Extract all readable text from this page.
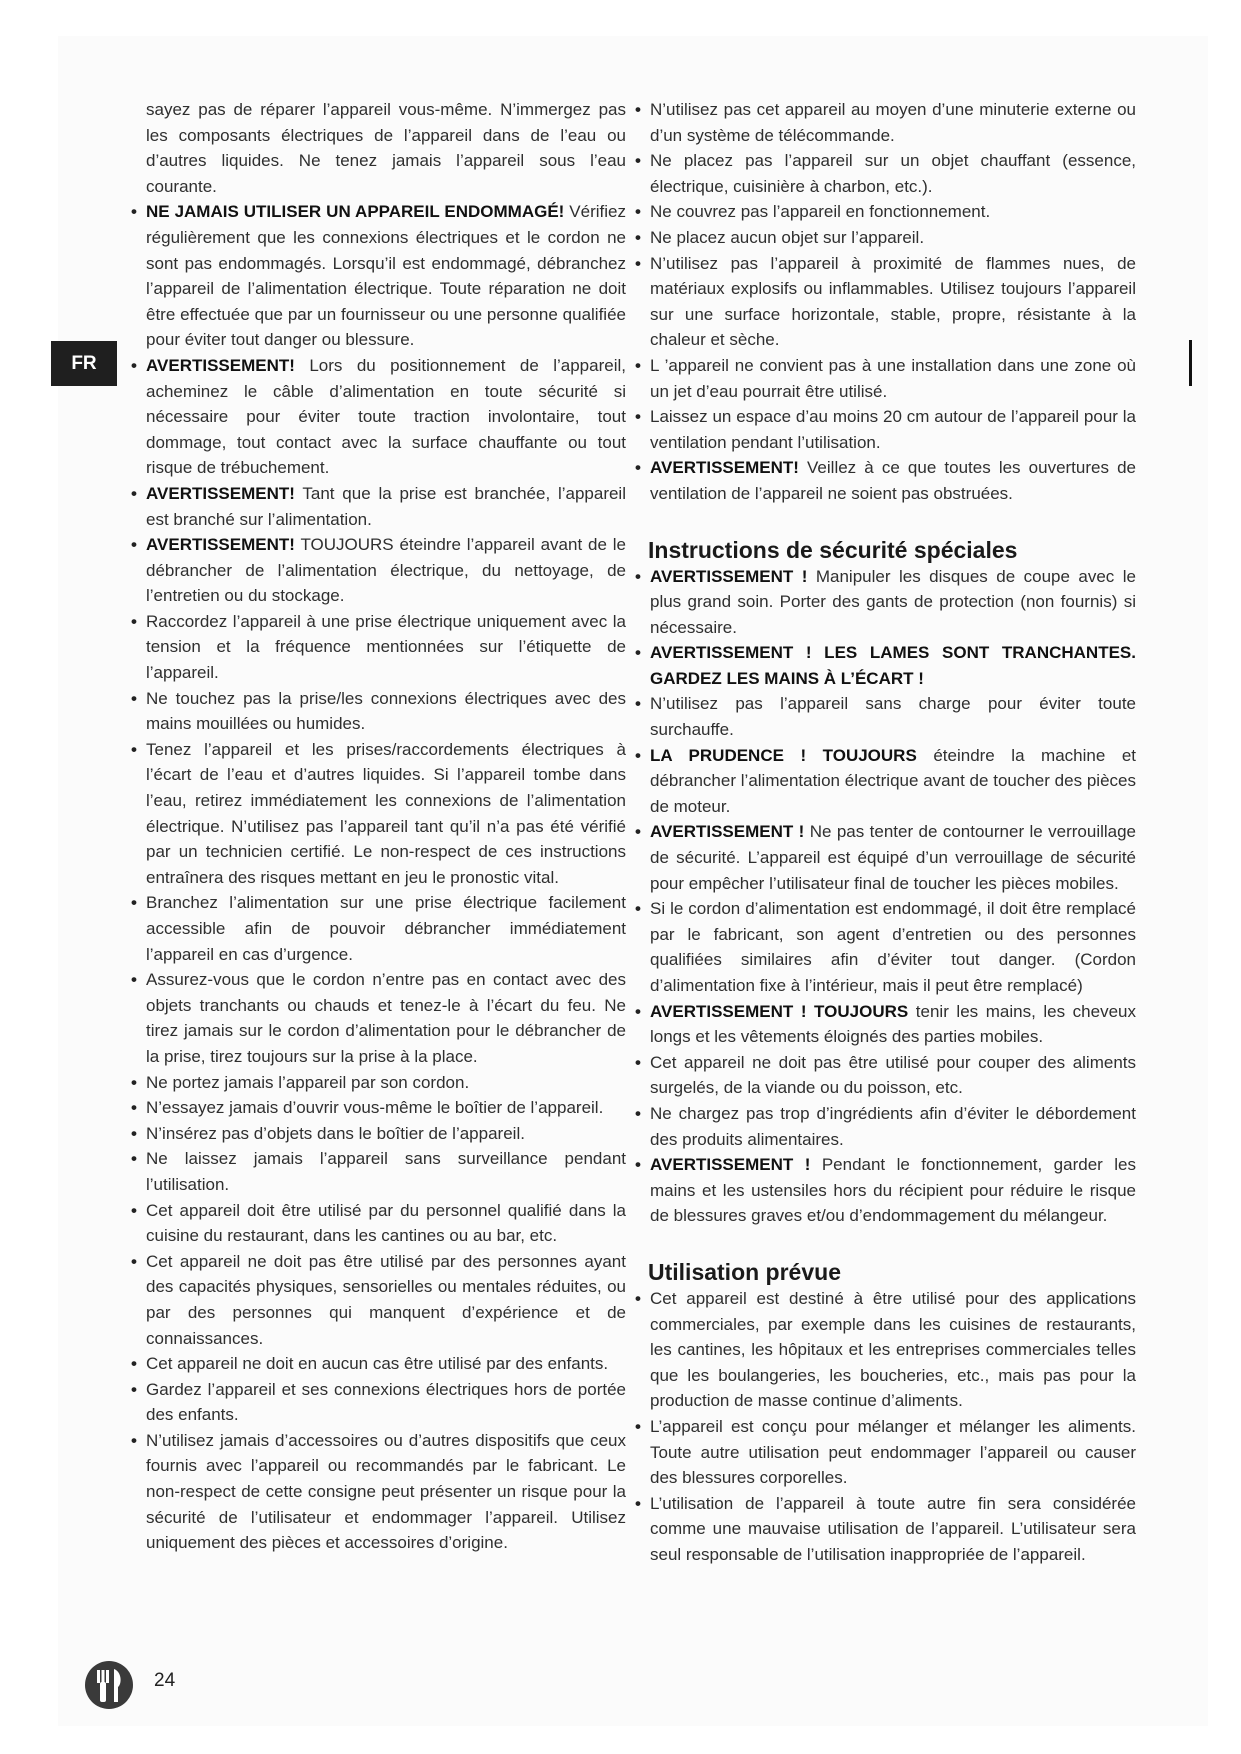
FR

sayez pas de réparer l’appareil vous-même. N’immergez pas les composants électriques de l’appareil dans de l’eau ou d’autres liquides. Ne tenez jamais l’appareil sous l’eau courante.

• NE JAMAIS UTILISER UN APPAREIL ENDOMMAGÉ! Vérifiez régulièrement que les connexions électriques et le cordon ne sont pas endommagés. Lorsqu’il est endommagé, débranchez l’appareil de l’alimentation électrique. Toute réparation ne doit être effectuée que par un fournisseur ou une personne qualifiée pour éviter tout danger ou blessure.
• AVERTISSEMENT! Lors du positionnement de l’appareil, acheminez le câble d’alimentation en toute sécurité si nécessaire pour éviter toute traction involontaire, tout dommage, tout contact avec la surface chauffante ou tout risque de trébuchement.
• AVERTISSEMENT! Tant que la prise est branchée, l’appareil est branché sur l’alimentation.
• AVERTISSEMENT! TOUJOURS éteindre l’appareil avant de le débrancher de l’alimentation électrique, du nettoyage, de l’entretien ou du stockage.
• Raccordez l’appareil à une prise électrique uniquement avec la tension et la fréquence mentionnées sur l’étiquette de l’appareil.
• Ne touchez pas la prise/les connexions électriques avec des mains mouillées ou humides.
• Tenez l’appareil et les prises/raccordements électriques à l’écart de l’eau et d’autres liquides. Si l’appareil tombe dans l’eau, retirez immédiatement les connexions de l’alimentation électrique. N’utilisez pas l’appareil tant qu’il n’a pas été vérifié par un technicien certifié. Le non-respect de ces instructions entraînera des risques mettant en jeu le pronostic vital.
• Branchez l’alimentation sur une prise électrique facilement accessible afin de pouvoir débrancher immédiatement l’appareil en cas d’urgence.
• Assurez-vous que le cordon n’entre pas en contact avec des objets tranchants ou chauds et tenez-le à l’écart du feu. Ne tirez jamais sur le cordon d’alimentation pour le débrancher de la prise, tirez toujours sur la prise à la place.
• Ne portez jamais l’appareil par son cordon.
• N’essayez jamais d’ouvrir vous-même le boîtier de l’appareil.
• N’insérez pas d’objets dans le boîtier de l’appareil.
• Ne laissez jamais l’appareil sans surveillance pendant l’utilisation.
• Cet appareil doit être utilisé par du personnel qualifié dans la cuisine du restaurant, dans les cantines ou au bar, etc.
• Cet appareil ne doit pas être utilisé par des personnes ayant des capacités physiques, sensorielles ou mentales réduites, ou par des personnes qui manquent d’expérience et de connaissances.
• Cet appareil ne doit en aucun cas être utilisé par des enfants.
• Gardez l’appareil et ses connexions électriques hors de portée des enfants.
• N’utilisez jamais d’accessoires ou d’autres dispositifs que ceux fournis avec l’appareil ou recommandés par le fabricant. Le non-respect de cette consigne peut présenter un risque pour la sécurité de l’utilisateur et endommager l’appareil. Utilisez uniquement des pièces et accessoires d’origine.
• N’utilisez pas cet appareil au moyen d’une minuterie externe ou d’un système de télécommande.
• Ne placez pas l’appareil sur un objet chauffant (essence, électrique, cuisinière à charbon, etc.).
• Ne couvrez pas l’appareil en fonctionnement.
• Ne placez aucun objet sur l’appareil.
• N’utilisez pas l’appareil à proximité de flammes nues, de matériaux explosifs ou inflammables. Utilisez toujours l’appareil sur une surface horizontale, stable, propre, résistante à la chaleur et sèche.
• L ’appareil ne convient pas à une installation dans une zone où un jet d’eau pourrait être utilisé.
• Laissez un espace d’au moins 20 cm autour de l’appareil pour la ventilation pendant l’utilisation.
• AVERTISSEMENT! Veillez à ce que toutes les ouvertures de ventilation de l’appareil ne soient pas obstruées.
Instructions de sécurité spéciales
• AVERTISSEMENT ! Manipuler les disques de coupe avec le plus grand soin. Porter des gants de protection (non fournis) si nécessaire.
• AVERTISSEMENT ! LES LAMES SONT TRANCHANTES. GARDEZ LES MAINS À L’ÉCART !
• N’utilisez pas l’appareil sans charge pour éviter toute surchauffe.
• LA PRUDENCE ! TOUJOURS éteindre la machine et débrancher l’alimentation électrique avant de toucher des pièces de moteur.
• AVERTISSEMENT ! Ne pas tenter de contourner le verrouillage de sécurité. L’appareil est équipé d’un verrouillage de sécurité pour empêcher l’utilisateur final de toucher les pièces mobiles.
• Si le cordon d’alimentation est endommagé, il doit être remplacé par le fabricant, son agent d’entretien ou des personnes qualifiées similaires afin d’éviter tout danger. (Cordon d’alimentation fixe à l’intérieur, mais il peut être remplacé)
• AVERTISSEMENT ! TOUJOURS tenir les mains, les cheveux longs et les vêtements éloignés des parties mobiles.
• Cet appareil ne doit pas être utilisé pour couper des aliments surgelés, de la viande ou du poisson, etc.
• Ne chargez pas trop d’ingrédients afin d’éviter le débordement des produits alimentaires.
• AVERTISSEMENT ! Pendant le fonctionnement, garder les mains et les ustensiles hors du récipient pour réduire le risque de blessures graves et/ou d’endommagement du mélangeur.
Utilisation prévue
• Cet appareil est destiné à être utilisé pour des applications commerciales, par exemple dans les cuisines de restaurants, les cantines, les hôpitaux et les entreprises commerciales telles que les boulangeries, les boucheries, etc., mais pas pour la production de masse continue d’aliments.
• L’appareil est conçu pour mélanger et mélanger les aliments. Toute autre utilisation peut endommager l’appareil ou causer des blessures corporelles.
• L’utilisation de l’appareil à toute autre fin sera considérée comme une mauvaise utilisation de l’appareil. L’utilisateur sera seul responsable de l’utilisation inappropriée de l’appareil.
24
